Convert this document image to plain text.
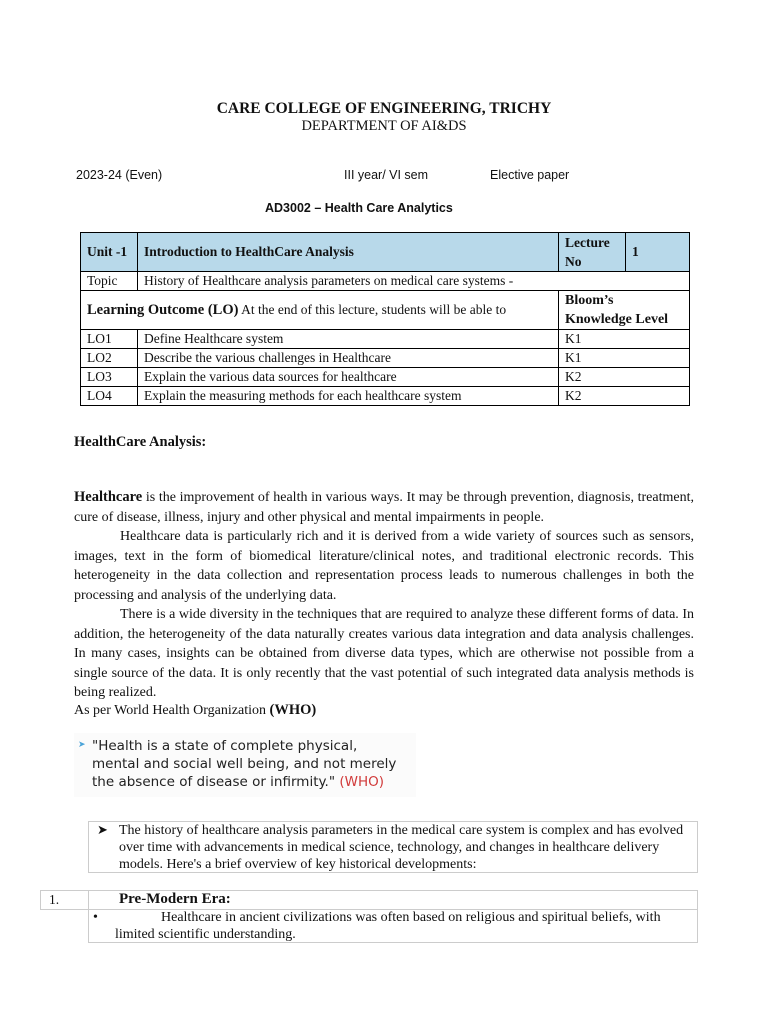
CARE COLLEGE OF ENGINEERING, TRICHY
DEPARTMENT OF AI&DS
2023-24 (Even)	III year/ VI sem	Elective paper
AD3002 – Health Care Analytics
Unit -1	Introduction to HealthCare Analysis	Lecture No	1
Topic	History of Healthcare analysis parameters on medical care systems -		
Learning Outcome (LO) At the end of this lecture, students will be able to		Bloom’s Knowledge Level	
LO1	Define Healthcare system	K1	
LO2	Describe the various challenges in Healthcare	K1	
LO3	Explain the various data sources for healthcare	K2	
LO4	Explain the measuring methods for each healthcare system	K2	
HealthCare Analysis:
Healthcare is the improvement of health in various ways. It may be through prevention, diagnosis, treatment, cure of disease, illness, injury and other physical and mental impairments in people.
Healthcare data is particularly rich and it is derived from a wide variety of sources such as sensors, images, text in the form of biomedical literature/clinical notes, and traditional electronic records. This heterogeneity in the data collection and representation process leads to numerous challenges in both the processing and analysis of the underlying data.
There is a wide diversity in the techniques that are required to analyze these different forms of data. In addition, the heterogeneity of the data naturally creates various data integration and data analysis challenges. In many cases, insights can be obtained from diverse data types, which are otherwise not possible from a single source of the data. It is only recently that the vast potential of such integrated data analysis methods is being realized.
As per World Health Organization (WHO)
➤ "Health is a state of complete physical,
mental and social well being, and not merely
the absence of disease or infirmity." (WHO)
➤ The history of healthcare analysis parameters in the medical care system is complex and has evolved over time with advancements in medical science, technology, and changes in healthcare delivery models. Here's a brief overview of key historical developments:
1.	Pre-Modern Era:
•	Healthcare in ancient civilizations was often based on religious and spiritual beliefs, with limited scientific understanding.
